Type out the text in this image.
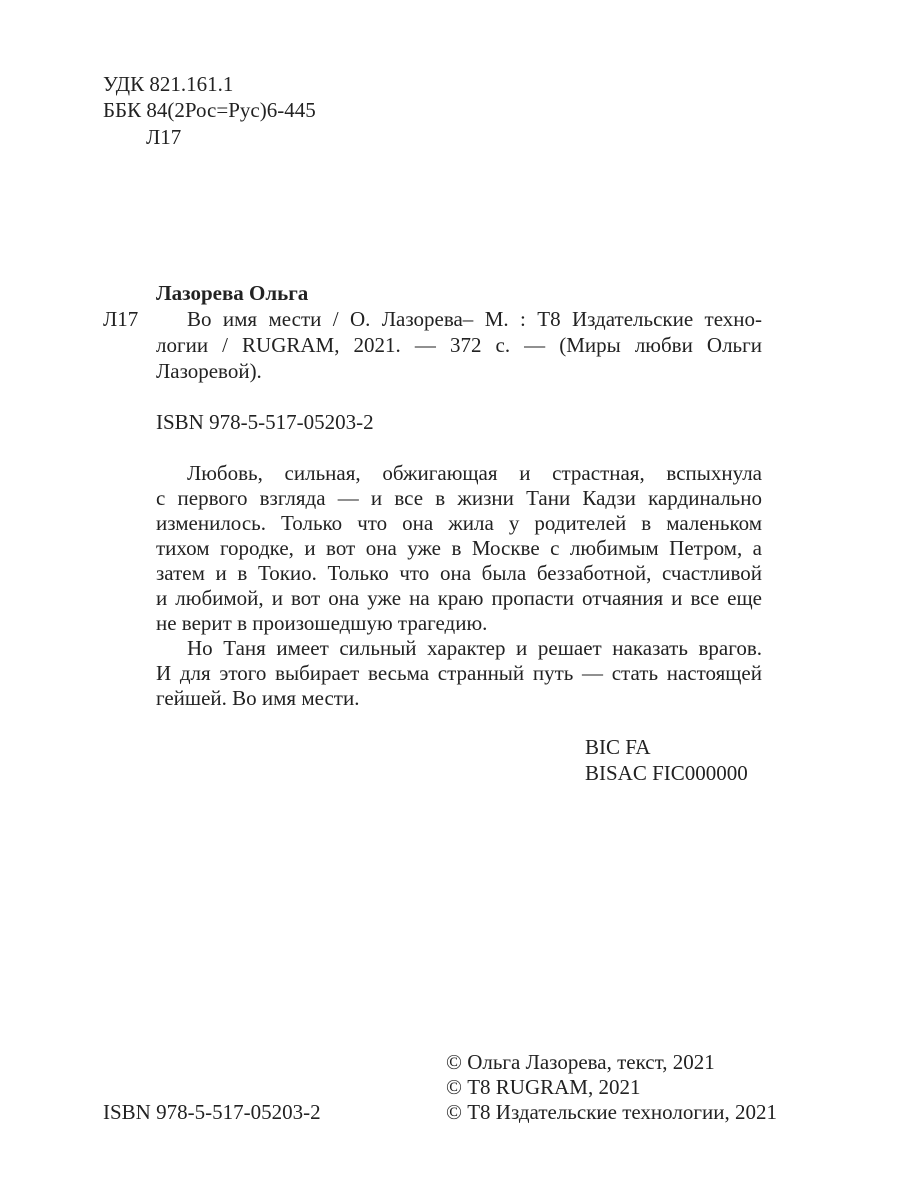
УДК 821.161.1
ББК 84(2Рос=Рус)6-445
Л17
Лазорева Ольга
Л17 Во имя мести / О. Лазорева– М. : Т8 Издательские техно-
логии / RUGRAM, 2021. — 372 с. — (Миры любви Ольги
Лазоревой).
ISBN 978-5-517-05203-2
Любовь, сильная, обжигающая и страстная, вспыхнула
с первого взгляда — и все в жизни Тани Кадзи кардинально
изменилось. Только что она жила у родителей в маленьком
тихом городке, и вот она уже в Москве с любимым Петром, а
затем и в Токио. Только что она была беззаботной, счастливой
и любимой, и вот она уже на краю пропасти отчаяния и все еще
не верит в произошедшую трагедию.
Но Таня имеет сильный характер и решает наказать врагов.
И для этого выбирает весьма странный путь — стать настоящей
гейшей. Во имя мести.
BIC FA
BISAC FIC000000
© Ольга Лазорева, текст, 2021
© Т8 RUGRAM, 2021
ISBN 978-5-517-05203-2	© Т8 Издательские технологии, 2021
